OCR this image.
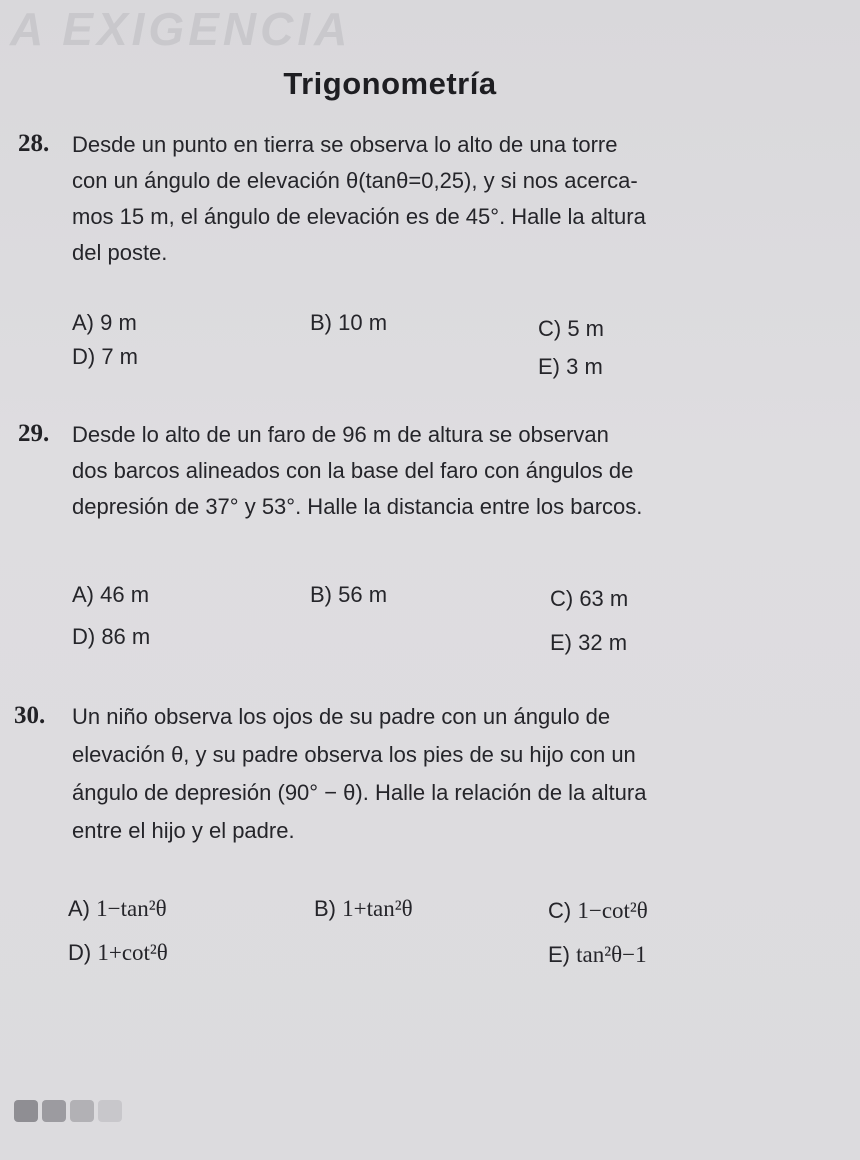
A EXIGENCIA
Trigonometría
28. Desde un punto en tierra se observa lo alto de una torre
con un ángulo de elevación θ(tanθ=0,25), y si nos acerca-
mos 15 m, el ángulo de elevación es de 45°. Halle la altura
del poste.
A) 9 m	B) 10 m	C) 5 m
D) 7 m	E) 3 m
29. Desde lo alto de un faro de 96 m de altura se observan
dos barcos alineados con la base del faro con ángulos de
depresión de 37° y 53°. Halle la distancia entre los barcos.
A) 46 m	B) 56 m	C) 63 m
D) 86 m	E) 32 m
30. Un niño observa los ojos de su padre con un ángulo de
elevación θ, y su padre observa los pies de su hijo con un
ángulo de depresión (90° − θ). Halle la relación de la altura
entre el hijo y el padre.
A) 1−tan²θ	B) 1+tan²θ	C) 1−cot²θ
D) 1+cot²θ	E) tan²θ−1
